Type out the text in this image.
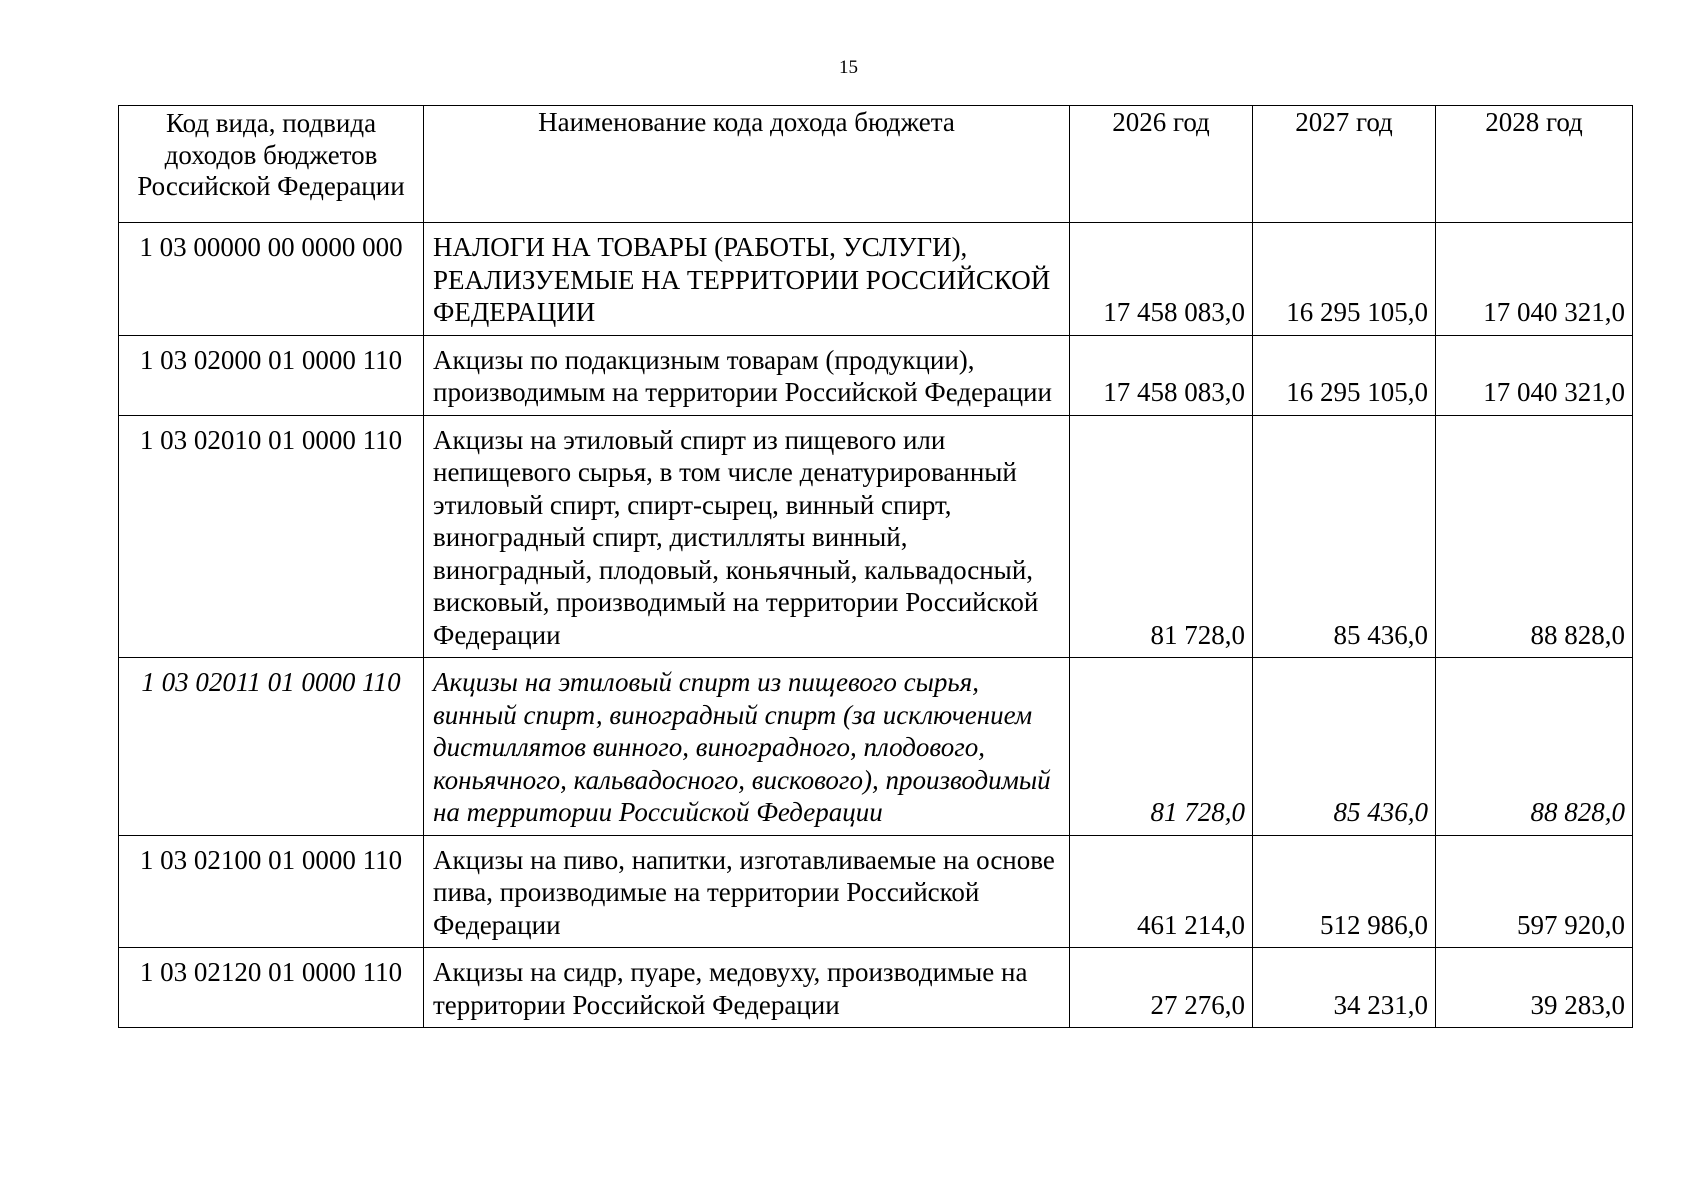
15
Код вида, подвида доходов бюджетов Российской Федерации	Наименование кода дохода бюджета	2026 год	2027 год	2028 год
1 03 00000 00 0000 000	НАЛОГИ НА ТОВАРЫ (РАБОТЫ, УСЛУГИ), РЕАЛИЗУЕМЫЕ НА ТЕРРИТОРИИ РОССИЙСКОЙ ФЕДЕРАЦИИ	17 458 083,0	16 295 105,0	17 040 321,0
1 03 02000 01 0000 110	Акцизы по подакцизным товарам (продукции), производимым на территории Российской Федерации	17 458 083,0	16 295 105,0	17 040 321,0
1 03 02010 01 0000 110	Акцизы на этиловый спирт из пищевого или непищевого сырья, в том числе денатурированный этиловый спирт, спирт-сырец, винный спирт, виноградный спирт, дистилляты винный, виноградный, плодовый, коньячный, кальвадосный, висковый, производимый на территории Российской Федерации	81 728,0	85 436,0	88 828,0
1 03 02011 01 0000 110	Акцизы на этиловый спирт из пищевого сырья, винный спирт, виноградный спирт (за исключением дистиллятов винного, виноградного, плодового, коньячного, кальвадосного, вискового), производимый на территории Российской Федерации	81 728,0	85 436,0	88 828,0
1 03 02100 01 0000 110	Акцизы на пиво, напитки, изготавливаемые на основе пива, производимые на территории Российской Федерации	461 214,0	512 986,0	597 920,0
1 03 02120 01 0000 110	Акцизы на сидр, пуаре, медовуху, производимые на территории Российской Федерации	27 276,0	34 231,0	39 283,0
